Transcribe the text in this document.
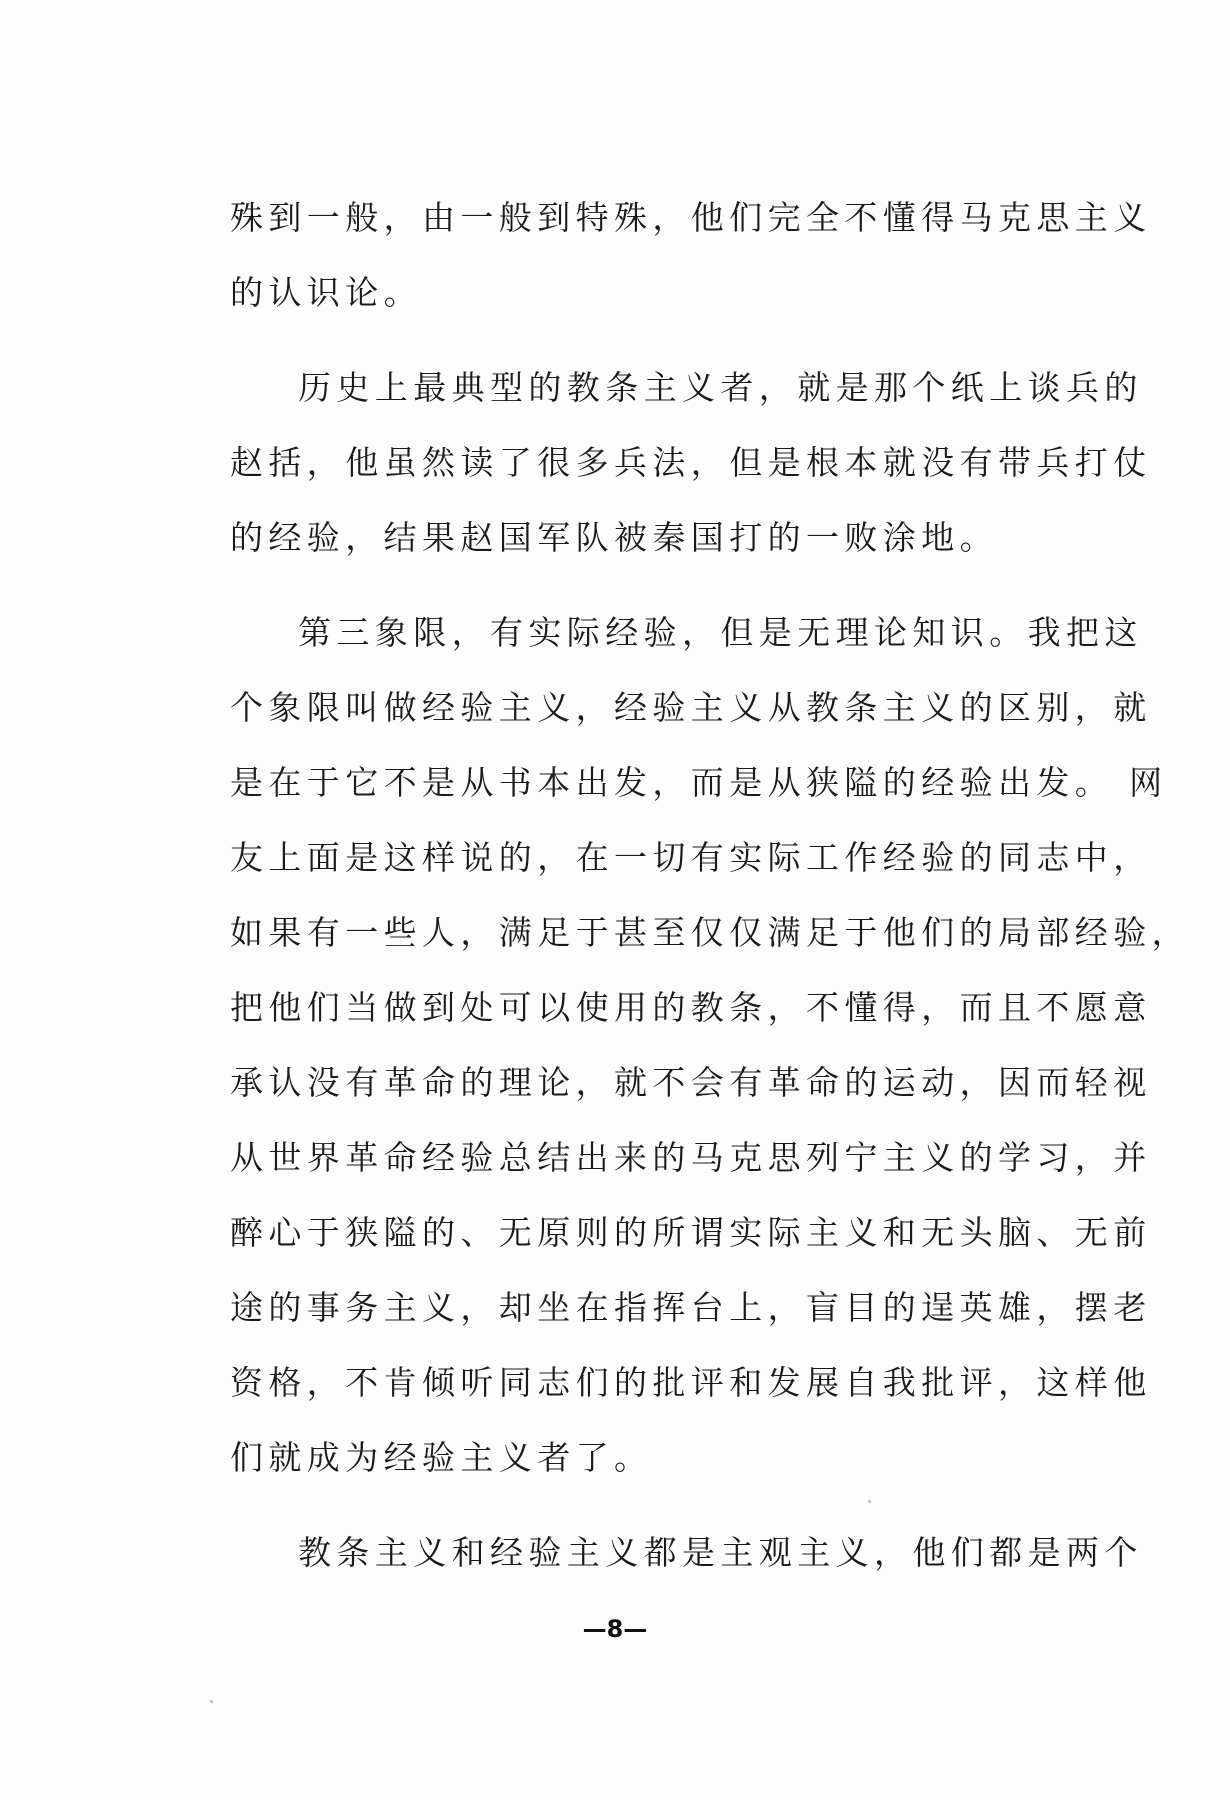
殊到一般，由一般到特殊，他们完全不懂得马克思主义
的认识论。
历史上最典型的教条主义者，就是那个纸上谈兵的
赵括，他虽然读了很多兵法，但是根本就没有带兵打仗
的经验，结果赵国军队被秦国打的一败涂地。
第三象限，有实际经验，但是无理论知识。我把这
个象限叫做经验主义，经验主义从教条主义的区别，就
是在于它不是从书本出发，而是从狭隘的经验出发。 网
友上面是这样说的，在一切有实际工作经验的同志中，
如果有一些人，满足于甚至仅仅满足于他们的局部经验，
把他们当做到处可以使用的教条，不懂得，而且不愿意
承认没有革命的理论，就不会有革命的运动，因而轻视
从世界革命经验总结出来的马克思列宁主义的学习，并
醉心于狭隘的、无原则的所谓实际主义和无头脑、无前
途的事务主义，却坐在指挥台上，盲目的逞英雄，摆老
资格，不肯倾听同志们的批评和发展自我批评，这样他
们就成为经验主义者了。
教条主义和经验主义都是主观主义，他们都是两个
—8—
